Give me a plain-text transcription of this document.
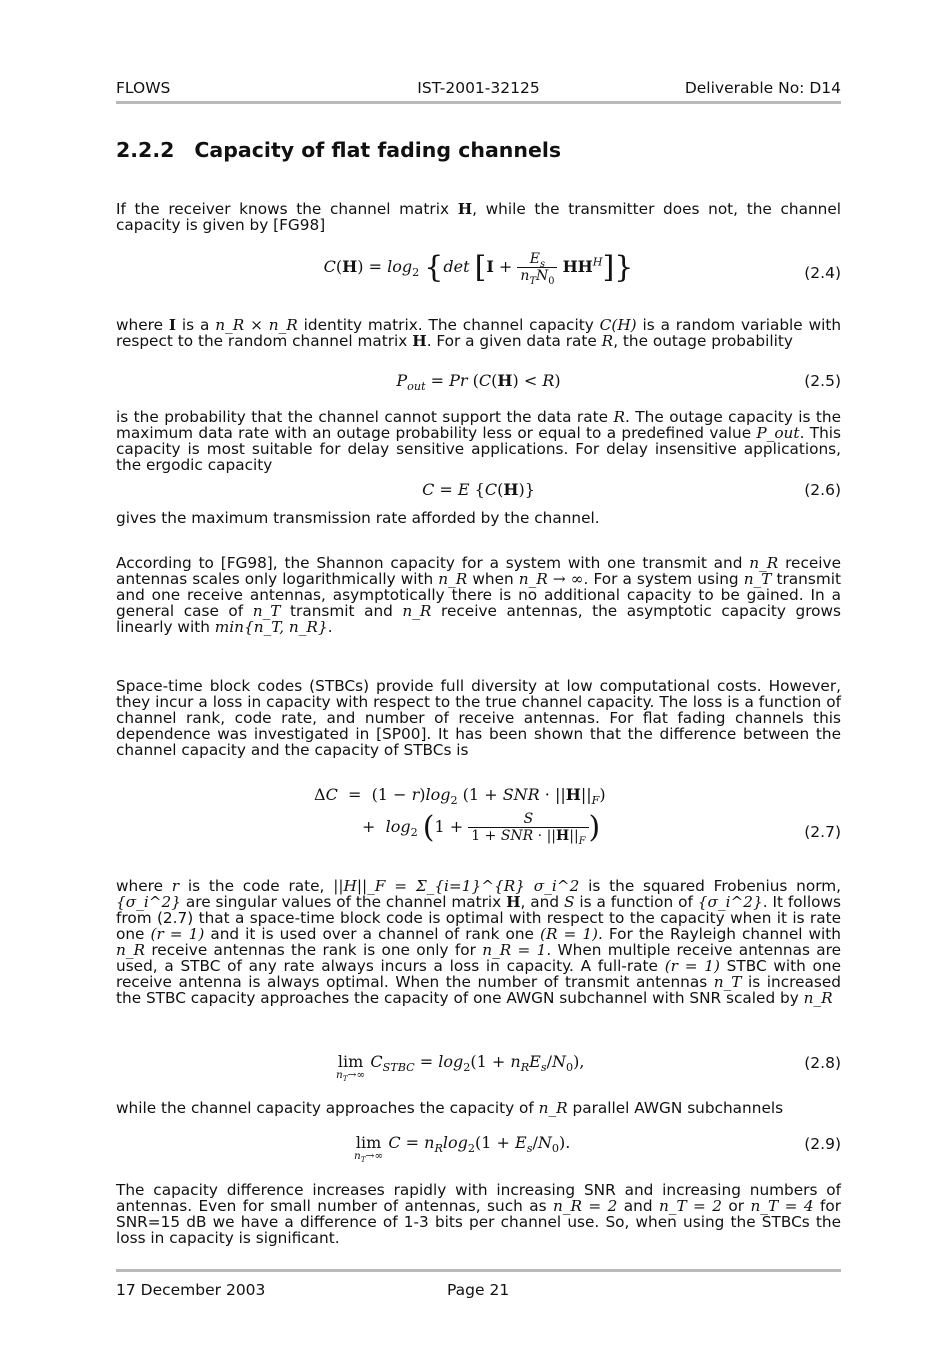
FLOWS	IST-2001-32125	Deliverable No: D14
2.2.2 Capacity of flat fading channels

If the receiver knows the channel matrix H, while the transmitter does not, the channel capacity is given by [FG98]

$C(H) = \log_2 \{\det$ $[I + \frac{E_s}{n_TN_0} HH^H]$}	(2.4)

where I is a n_R × n_R identity matrix. The channel capacity C(H) is a random variable with respect to the random channel matrix H. For a given data rate R, the outage probability

$P_{out} = Pr$ (C(H) < R)	(2.5)

is the probability that the channel cannot support the data rate R. The outage capacity is the maximum data rate with an outage probability less or equal to a predefined value P_out. This capacity is most suitable for delay sensitive applications. For delay insensitive applications, the ergodic capacity

C = E {C(H)}	(2.6)

gives the maximum transmission rate afforded by the channel.

According to [FG98], the Shannon capacity for a system with one transmit and n_R receive antennas scales only logarithmically with n_R when n_R → ∞. For a system using n_T transmit and one receive antennas, asymptotically there is no additional capacity to be gained. In a general case of n_T transmit and n_R receive antennas, the asymptotic capacity grows linearly with min{n_T, n_R}.

Space-time block codes (STBCs) provide full diversity at low computational costs. However, they incur a loss in capacity with respect to the true channel capacity. The loss is a function of channel rank, code rate, and number of receive antennas. For flat fading channels this dependence was investigated in [SP00]. It has been shown that the difference between the channel capacity and the capacity of STBCs is

$\Delta C = (1 - r)\log_2$ (1 + SNR · $||H||_F$)
+  $\log_2 (1 + \frac{S}{1 + SNR \cdot ||H||_F}$ )	(2.7)

where r is the code rate, ||H||_F = Σ_{i=1}^{R} σ_i^2 is the squared Frobenius norm, {σ_i^2} are singular values of the channel matrix H, and S is a function of {σ_i^2}. It follows from (2.7) that a space-time block code is optimal with respect to the capacity when it is rate one (r = 1) and it is used over a channel of rank one (R = 1). For the Rayleigh channel with n_R receive antennas the rank is one only for n_R = 1. When multiple receive antennas are used, a STBC of any rate always incurs a loss in capacity. A full-rate (r = 1) STBC with one receive antenna is always optimal. When the number of transmit antennas n_T is increased the STBC capacity approaches the capacity of one AWGN subchannel with SNR scaled by n_R

lim
$n_T\to\infty$
$C_{STBC} = \log_2(1 + n_RE_s/N_0)$,	(2.8)

while the channel capacity approaches the capacity of n_R parallel AWGN subchannels

lim
$n_T\to\infty$
$C = n_R\log_2(1 + E_s/N_0)$.	(2.9)

The capacity difference increases rapidly with increasing SNR and increasing numbers of antennas. Even for small number of antennas, such as n_R = 2 and n_T = 2 or n_T = 4 for SNR=15 dB we have a difference of 1-3 bits per channel use. So, when using the STBCs the loss in capacity is significant.

17 December 2003	Page 21
